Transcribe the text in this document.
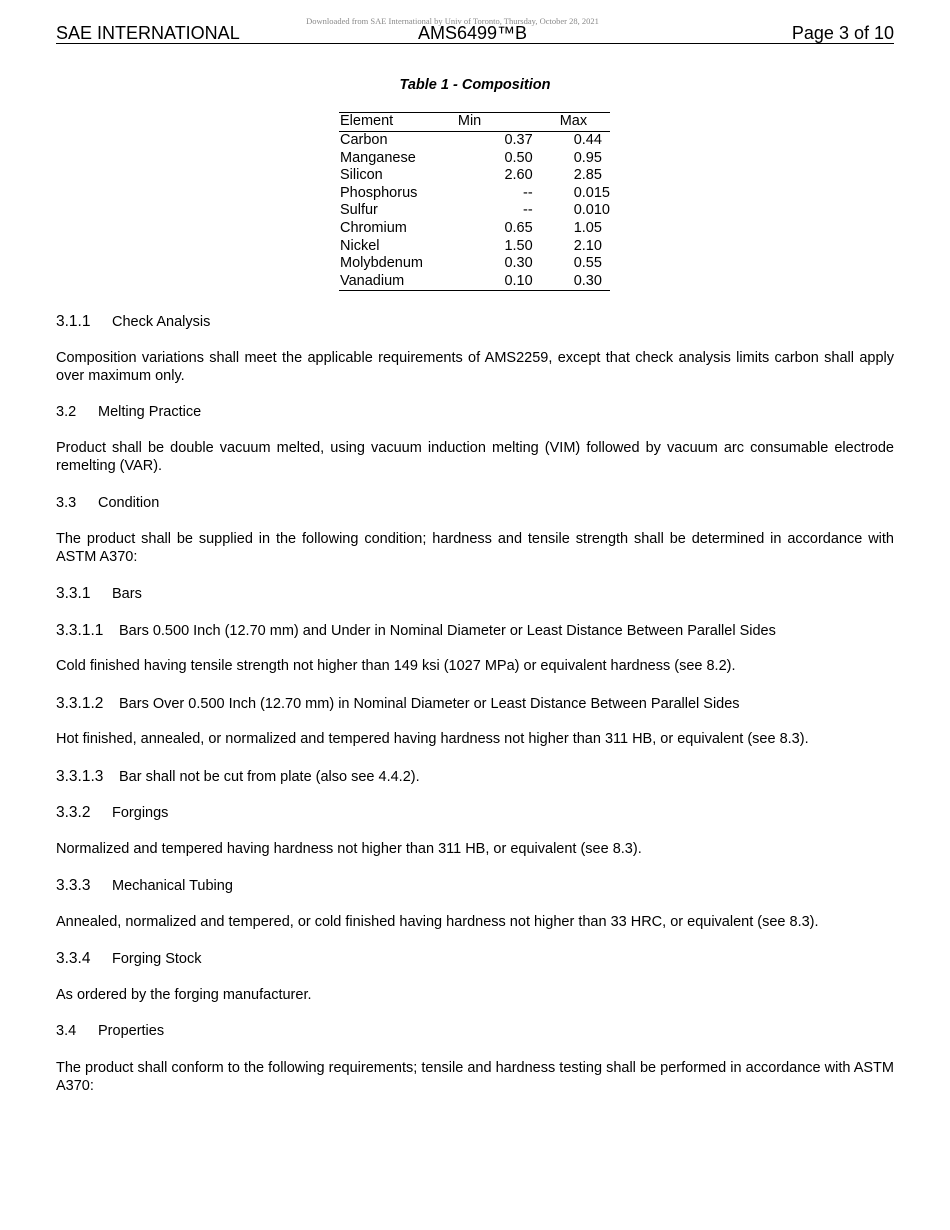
Downloaded from SAE International by Univ of Toronto, Thursday, October 28, 2021
SAE INTERNATIONAL	AMS6499™B	Page 3 of 10
Table 1 - Composition
Element	Min	Max
Carbon	0.37	0.44
Manganese	0.50	0.95
Silicon	2.60	2.85
Phosphorus	--	0.015
Sulfur	--	0.010
Chromium	0.65	1.05
Nickel	1.50	2.10
Molybdenum	0.30	0.55
Vanadium	0.10	0.30
3.1.1 Check Analysis
Composition variations shall meet the applicable requirements of AMS2259, except that check analysis limits carbon shall apply over maximum only.
3.2 Melting Practice
Product shall be double vacuum melted, using vacuum induction melting (VIM) followed by vacuum arc consumable electrode remelting (VAR).
3.3 Condition
The product shall be supplied in the following condition; hardness and tensile strength shall be determined in accordance with ASTM A370:
3.3.1 Bars
3.3.1.1 Bars 0.500 Inch (12.70 mm) and Under in Nominal Diameter or Least Distance Between Parallel Sides
Cold finished having tensile strength not higher than 149 ksi (1027 MPa) or equivalent hardness (see 8.2).
3.3.1.2 Bars Over 0.500 Inch (12.70 mm) in Nominal Diameter or Least Distance Between Parallel Sides
Hot finished, annealed, or normalized and tempered having hardness not higher than 311 HB, or equivalent (see 8.3).
3.3.1.3 Bar shall not be cut from plate (also see 4.4.2).
3.3.2 Forgings
Normalized and tempered having hardness not higher than 311 HB, or equivalent (see 8.3).
3.3.3 Mechanical Tubing
Annealed, normalized and tempered, or cold finished having hardness not higher than 33 HRC, or equivalent (see 8.3).
3.3.4 Forging Stock
As ordered by the forging manufacturer.
3.4 Properties
The product shall conform to the following requirements; tensile and hardness testing shall be performed in accordance with ASTM A370:
